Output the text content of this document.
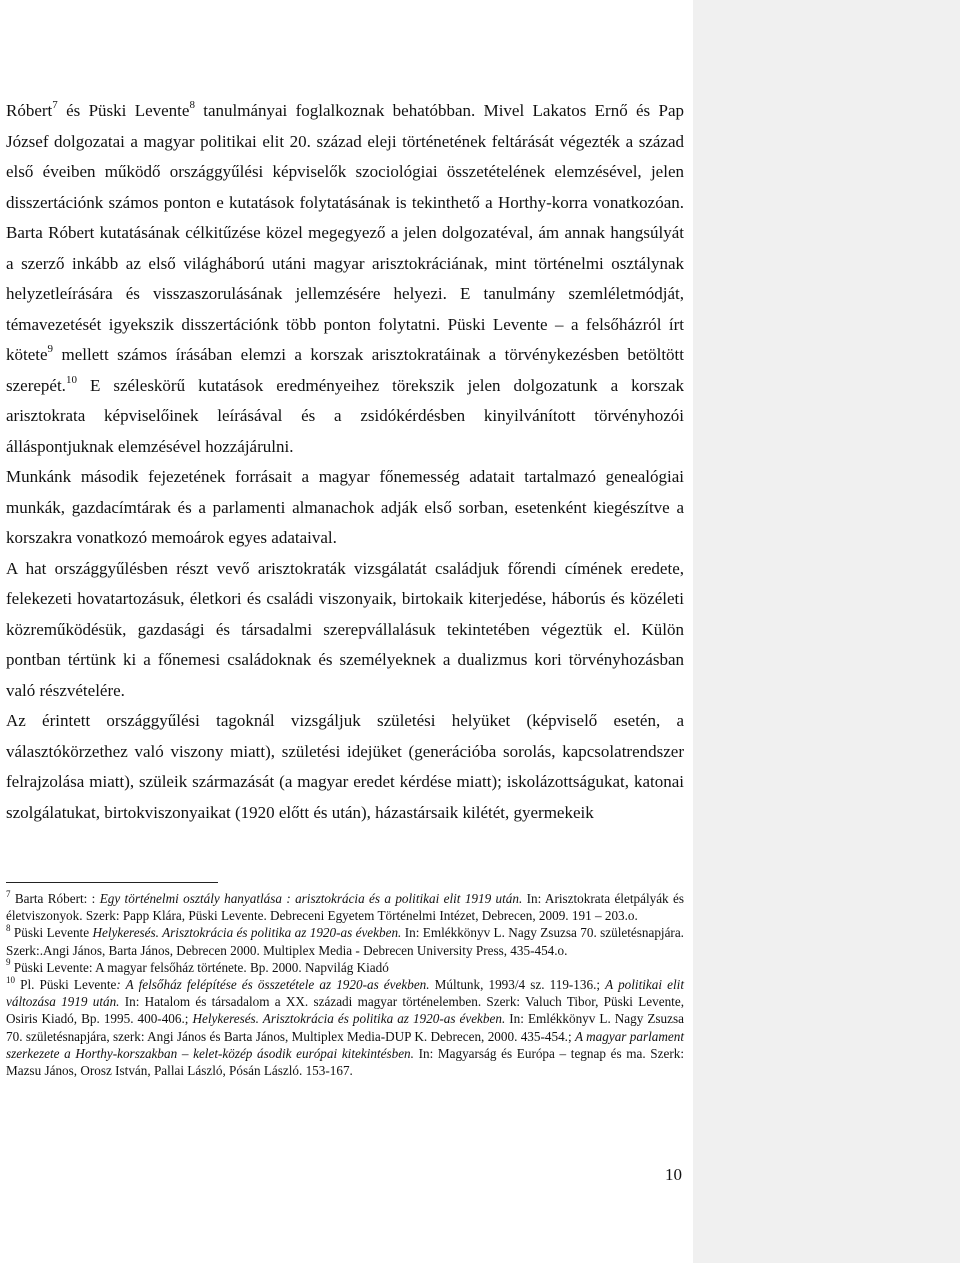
Róbert$^7$ és Püski Levente$^8$ tanulmányai foglalkoznak behatóbban. Mivel Lakatos Ernő és Pap József dolgozatai a magyar politikai elit 20. század eleji történetének feltárását végezték a század első éveiben működő országgyűlési képviselők szociológiai összetételének elemzésével, jelen disszertációnk számos ponton e kutatások folytatásának is tekinthető a Horthy-korra vonatkozóan. Barta Róbert kutatásának célkitűzése közel megegyező a jelen dolgozatéval, ám annak hangsúlyát a szerző inkább az első világháború utáni magyar arisztokráciának, mint történelmi osztálynak helyzetleírására és visszaszorulásának jellemzésére helyezi. E tanulmány szemléletmódját, témavezetését igyekszik disszertációnk több ponton folytatni. Püski Levente – a felsőházról írt kötete$^9$ mellett számos írásában elemzi a korszak arisztokratáinak a törvénykezésben betöltött szerepét.$^{10}$ E széleskörű kutatások eredményeihez törekszik jelen dolgozatunk a korszak arisztokrata képviselőinek leírásával és a zsidókérdésben kinyilvánított törvényhozói álláspontjuknak elemzésével hozzájárulni.

Munkánk második fejezetének forrásait a magyar főnemesség adatait tartalmazó genealógiai munkák, gazdacímtárak és a parlamenti almanachok adják első sorban, esetenként kiegészítve a korszakra vonatkozó memoárok egyes adataival.

A hat országgyűlésben részt vevő arisztokraták vizsgálatát családjuk főrendi címének eredete, felekezeti hovatartozásuk, életkori és családi viszonyaik, birtokaik kiterjedése, háborús és közéleti közreműködésük, gazdasági és társadalmi szerepvállalásuk tekintetében végeztük el. Külön pontban tértünk ki a főnemesi családoknak és személyeknek a dualizmus kori törvényhozásban való részvételére.

Az érintett országgyűlési tagoknál vizsgáljuk születési helyüket (képviselő esetén, a választókörzethez való viszony miatt), születési idejüket (generációba sorolás, kapcsolatrendszer felrajzolása miatt), szüleik származását (a magyar eredet kérdése miatt); iskolázottságukat, katonai szolgálatukat, birtokviszonyaikat (1920 előtt és után), házastársaik kilétét, gyermekeik

$^7$ Barta Róbert: : Egy történelmi osztály hanyatlása : arisztokrácia és a politikai elit 1919 után. In: Arisztokrata életpályák és életviszonyok. Szerk: Papp Klára, Püski Levente. Debreceni Egyetem Történelmi Intézet, Debrecen, 2009. 191 – 203.o.

$^8$ Püski Levente Helykeresés. Arisztokrácia és politika az 1920-as években. In: Emlékkönyv L. Nagy Zsuzsa 70. születésnapjára. Szerk:.Angi János, Barta János, Debrecen 2000. Multiplex Media - Debrecen University Press, 435-454.o.

$^9$ Püski Levente: A magyar felsőház története. Bp. 2000. Napvilág Kiadó

$^{10}$ Pl. Püski Levente: A felsőház felépítése és összetétele az 1920-as években. Múltunk, 1993/4 sz. 119-136.; A politikai elit változása 1919 után. In: Hatalom és társadalom a XX. századi magyar történelemben. Szerk: Valuch Tibor, Püski Levente, Osiris Kiadó, Bp. 1995. 400-406.; Helykeresés. Arisztokrácia és politika az 1920-as években. In: Emlékkönyv L. Nagy Zsuzsa 70. születésnapjára, szerk: Angi János és Barta János, Multiplex Media-DUP K. Debrecen, 2000. 435-454.; A magyar parlament szerkezete a Horthy-korszakban – kelet-közép ásodik európai kitekintésben. In: Magyarság és Európa – tegnap és ma. Szerk: Mazsu János, Orosz István, Pallai László, Pósán László. 153-167.

10
